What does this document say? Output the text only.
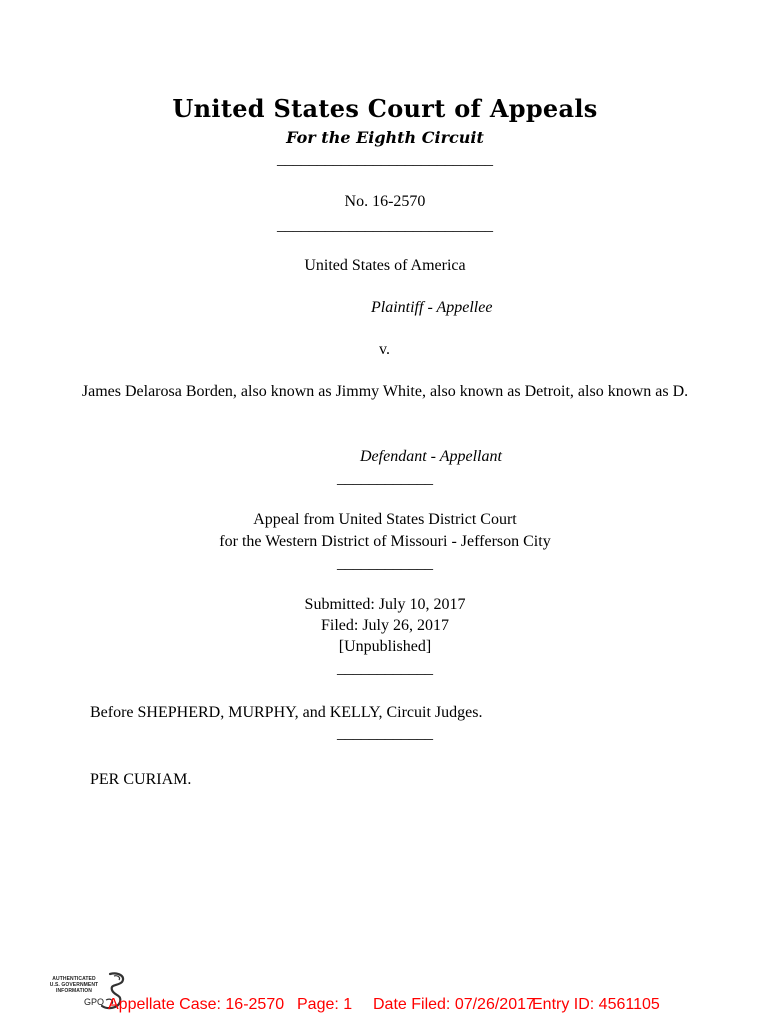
United States Court of Appeals
For the Eighth Circuit
___________________________
No. 16-2570
___________________________
United States of America
Plaintiff - Appellee
v.
James Delarosa Borden, also known as Jimmy White, also known as Detroit, also known as D.
Defendant - Appellant
____________
Appeal from United States District Court
for the Western District of Missouri - Jefferson City
____________
Submitted: July 10, 2017
Filed: July 26, 2017
[Unpublished]
____________
Before SHEPHERD, MURPHY, and KELLY, Circuit Judges.
____________
PER CURIAM.
AUTHENTICATED
U.S. GOVERNMENT
INFORMATION
GPO Appellate Case: 16-2570 Page: 1 Date Filed: 07/26/2017
Entry ID: 4561105
